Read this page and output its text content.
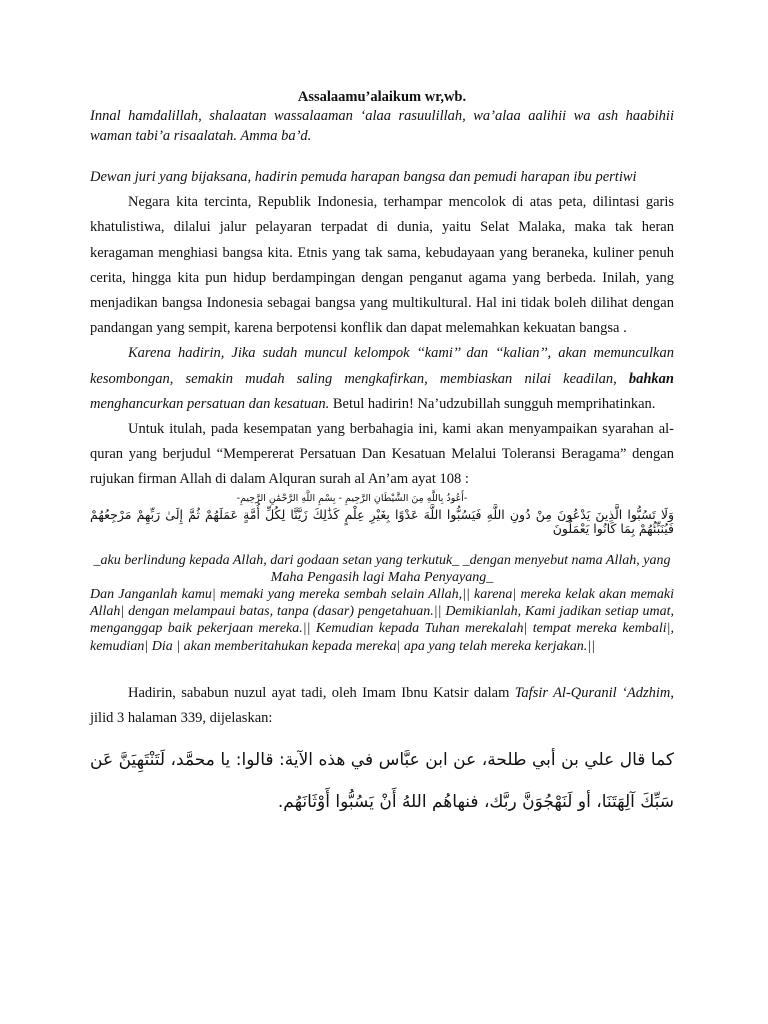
Assalaamu’alaikum wr,wb.

Innal hamdalillah, shalaatan wassalaaman ‘alaa rasuulillah, wa’alaa aalihii wa ash haabihii waman tabi’a risaalatah. Amma ba’d.

Dewan juri yang bijaksana, hadirin pemuda harapan bangsa dan pemudi harapan ibu pertiwi

Negara kita tercinta, Republik Indonesia, terhampar mencolok di atas peta, dilintasi garis khatulistiwa, dilalui jalur pelayaran terpadat di dunia, yaitu Selat Malaka, maka tak heran keragaman menghiasi bangsa kita. Etnis yang tak sama, kebudayaan yang beraneka, kuliner penuh cerita, hingga kita pun hidup berdampingan dengan penganut agama yang berbeda. Inilah, yang menjadikan bangsa Indonesia sebagai bangsa yang multikultural. Hal ini tidak boleh dilihat dengan pandangan yang sempit, karena berpotensi konflik dan dapat melemahkan kekuatan bangsa .

Karena hadirin, Jika sudah muncul kelompok ‘‘kami’’ dan ‘‘kalian’’, akan memunculkan kesombongan, semakin mudah saling mengkafirkan, membiaskan nilai keadilan, bahkan menghancurkan persatuan dan kesatuan. Betul hadirin! Na’udzubillah sungguh memprihatinkan.

Untuk itulah, pada kesempatan yang berbahagia ini, kami akan menyampaikan syarahan al-quran yang berjudul “Mempererat Persatuan Dan Kesatuan Melalui Toleransi Beragama” dengan rujukan firman Allah di dalam Alquran surah al An’am ayat 108 :

-أَعُوذُ بِاللَّهِ مِنَ الشَّيْطَانِ الرَّجِيمِ - بِسْمِ اللَّهِ الرَّحْمَٰنِ الرَّحِيمِ-

وَلَا تَسُبُّوا الَّذِينَ يَدْعُونَ مِنْ دُونِ اللَّهِ فَيَسُبُّوا اللَّهَ عَدْوًا بِغَيْرِ عِلْمٍ كَذَٰلِكَ زَيَّنَّا لِكُلِّ أُمَّةٍ عَمَلَهُمْ ثُمَّ إِلَىٰ رَبِّهِمْ مَرْجِعُهُمْ فَيُنَبِّئُهُمْ بِمَا كَانُوا يَعْمَلُونَ

_aku berlindung kepada Allah, dari godaan setan yang terkutuk_ _dengan menyebut nama Allah, yang Maha Pengasih lagi Maha Penyayang_

Dan Janganlah kamu| memaki yang mereka sembah selain Allah,|| karena| mereka kelak akan memaki Allah| dengan melampaui batas, tanpa (dasar) pengetahuan.|| Demikianlah, Kami jadikan setiap umat, menganggap baik pekerjaan mereka.|| Kemudian kepada Tuhan merekalah| tempat mereka kembali|, kemudian| Dia | akan memberitahukan kepada mereka| apa yang telah mereka kerjakan.||

Hadirin, sababun nuzul ayat tadi, oleh Imam Ibnu Katsir dalam Tafsir Al-Quranil ‘Adzhim, jilid 3 halaman 339, dijelaskan:

كما قال علي بن أبي طلحة، عن ابن عبَّاس في هذه الآية: قالوا: يا محمَّد، لَتَنْتَهِيَنَّ عَن سَبِّكَ آلِهَتَنَا، أو لَنَهْجُوَنَّ ربَّك، فنهاهُم اللهُ أَنْ يَسُبُّوا أَوْثَانَهُم.
